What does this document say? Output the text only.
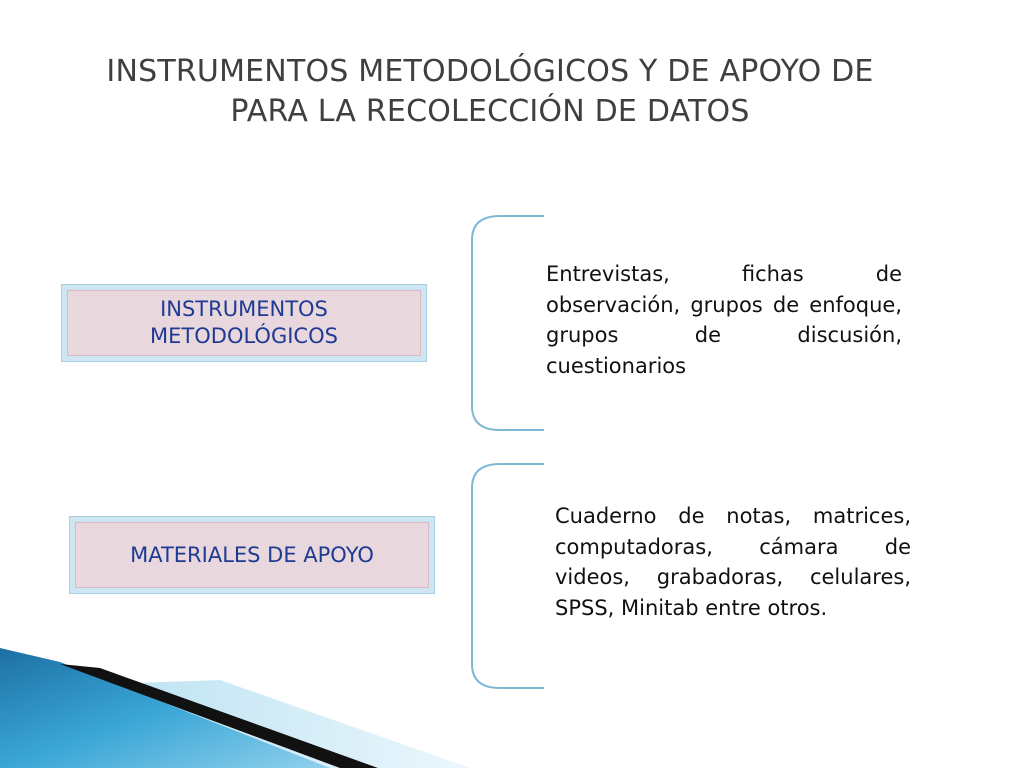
INSTRUMENTOS METODOLÓGICOS Y DE APOYO DE
PARA LA RECOLECCIÓN DE DATOS
INSTRUMENTOS
METODOLÓGICOS
MATERIALES DE APOYO

Entrevistas, fichas de observación, grupos de enfoque, grupos de discusión, cuestionarios

Cuaderno de notas, matrices, computadoras, cámara de videos, grabadoras, celulares, SPSS, Minitab entre otros.
